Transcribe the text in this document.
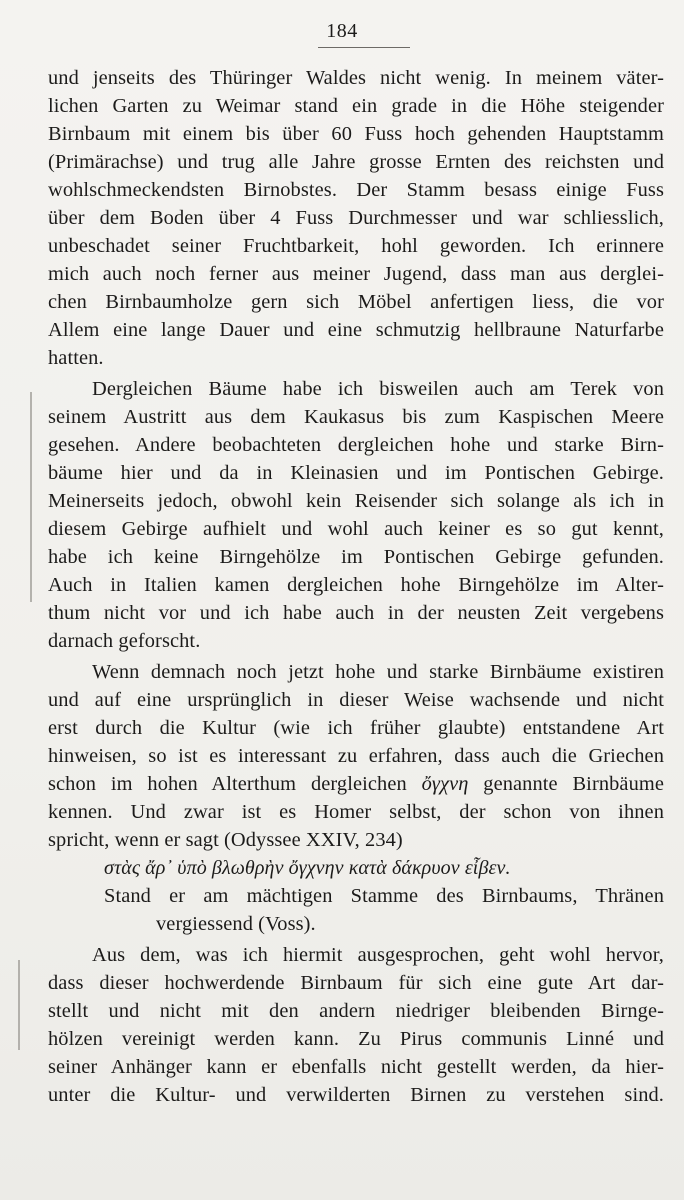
184
und jenseits des Thüringer Waldes nicht wenig. In meinem väter-
lichen Garten zu Weimar stand ein grade in die Höhe steigender
Birnbaum mit einem bis über 60 Fuss hoch gehenden Hauptstamm
(Primärachse) und trug alle Jahre grosse Ernten des reichsten und
wohlschmeckendsten Birnobstes. Der Stamm besass einige Fuss
über dem Boden über 4 Fuss Durchmesser und war schliesslich,
unbeschadet seiner Fruchtbarkeit, hohl geworden. Ich erinnere
mich auch noch ferner aus meiner Jugend, dass man aus derglei-
chen Birnbaumholze gern sich Möbel anfertigen liess, die vor
Allem eine lange Dauer und eine schmutzig hellbraune Naturfarbe
hatten.
Dergleichen Bäume habe ich bisweilen auch am Terek von
seinem Austritt aus dem Kaukasus bis zum Kaspischen Meere
gesehen. Andere beobachteten dergleichen hohe und starke Birn-
bäume hier und da in Kleinasien und im Pontischen Gebirge.
Meinerseits jedoch, obwohl kein Reisender sich solange als ich in
diesem Gebirge aufhielt und wohl auch keiner es so gut kennt,
habe ich keine Birngehölze im Pontischen Gebirge gefunden.
Auch in Italien kamen dergleichen hohe Birngehölze im Alter-
thum nicht vor und ich habe auch in der neusten Zeit vergebens
darnach geforscht.
Wenn demnach noch jetzt hohe und starke Birnbäume existiren
und auf eine ursprünglich in dieser Weise wachsende und nicht
erst durch die Kultur (wie ich früher glaubte) entstandene Art
hinweisen, so ist es interessant zu erfahren, dass auch die Griechen
schon im hohen Alterthum dergleichen ὄγχνη genannte Birnbäume
kennen. Und zwar ist es Homer selbst, der schon von ihnen
spricht, wenn er sagt (Odyssee XXIV, 234)
στὰς ἄρ᾽ ὑπὸ βλωθρὴν ὄγχνην κατὰ δάκρυον εἶβεν.
Stand er am mächtigen Stamme des Birnbaums, Thränen
vergiessend (Voss).
Aus dem, was ich hiermit ausgesprochen, geht wohl hervor,
dass dieser hochwerdende Birnbaum für sich eine gute Art dar-
stellt und nicht mit den andern niedriger bleibenden Birnge-
hölzen vereinigt werden kann. Zu Pirus communis Linné und
seiner Anhänger kann er ebenfalls nicht gestellt werden, da hier-
unter die Kultur- und verwilderten Birnen zu verstehen sind.
